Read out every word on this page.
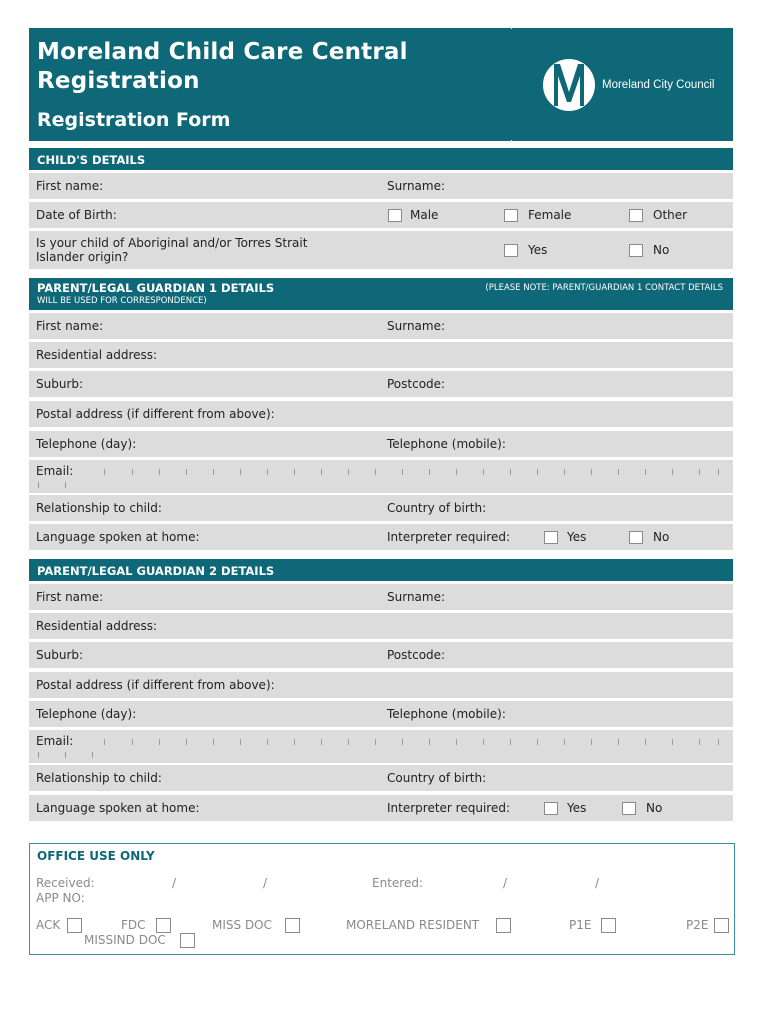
Moreland Child Care Central
Registration
Registration Form
Moreland City Council
CHILD'S DETAILS
First name:	Surname:
Date of Birth:	Male	Female	Other
Is your child of Aboriginal and/or Torres Strait
Islander origin?	Yes	No
PARENT/LEGAL GUARDIAN 1 DETAILS	(PLEASE NOTE: PARENT/GUARDIAN 1 CONTACT DETAILS
WILL BE USED FOR CORRESPONDENCE)
First name:	Surname:
Residential address:
Suburb:	Postcode:
Postal address (if different from above):
Telephone (day):	Telephone (mobile):
Email:
Relationship to child:	Country of birth:
Language spoken at home:	Interpreter required:	Yes	No
PARENT/LEGAL GUARDIAN 2 DETAILS
First name:	Surname:
Residential address:
Suburb:	Postcode:
Postal address (if different from above):
Telephone (day):	Telephone (mobile):
Email:
Relationship to child:	Country of birth:
Language spoken at home:	Interpreter required:	Yes	No
OFFICE USE ONLY
Received:	/	/	Entered:	/	/
APP NO:
ACK	FDC	MISS DOC	MORELAND RESIDENT	P1E	P2E
MISSIND DOC
